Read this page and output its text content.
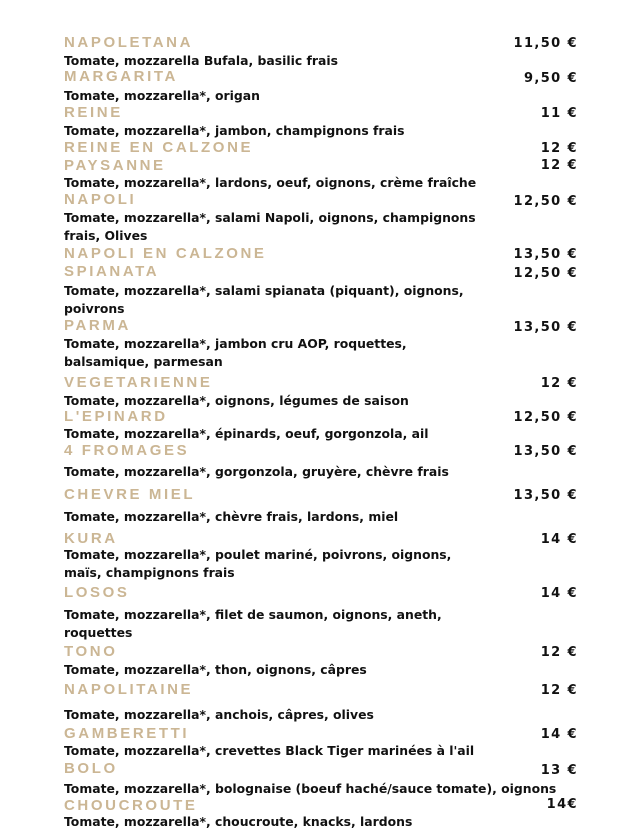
NAPOLETANA	11,50 €
Tomate, mozzarella Bufala, basilic frais
MARGARITA	9,50 €
Tomate, mozzarella*, origan
REINE	11 €
Tomate, mozzarella*, jambon, champignons frais
REINE EN CALZONE	12 €
PAYSANNE	12 €
Tomate, mozzarella*, lardons, oeuf, oignons, crème fraîche
NAPOLI	12,50 €
Tomate, mozzarella*, salami Napoli, oignons, champignons
frais, Olives
NAPOLI EN CALZONE	13,50 €
SPIANATA	12,50 €
Tomate, mozzarella*, salami spianata (piquant), oignons,
poivrons
PARMA	13,50 €
Tomate, mozzarella*, jambon cru AOP, roquettes,
balsamique, parmesan
VEGETARIENNE	12 €
Tomate, mozzarella*, oignons, légumes de saison
L'EPINARD	12,50 €
Tomate, mozzarella*, épinards, oeuf, gorgonzola, ail
4 FROMAGES	13,50 €
Tomate, mozzarella*, gorgonzola, gruyère, chèvre frais
CHEVRE MIEL	13,50 €
Tomate, mozzarella*, chèvre frais, lardons, miel
KURA	14 €
Tomate, mozzarella*, poulet mariné, poivrons, oignons,
maïs, champignons frais
LOSOS	14 €
Tomate, mozzarella*, filet de saumon, oignons, aneth,
roquettes
TONO	12 €
Tomate, mozzarella*, thon, oignons, câpres
NAPOLITAINE	12 €
Tomate, mozzarella*, anchois, câpres, olives
GAMBERETTI	14 €
Tomate, mozzarella*, crevettes Black Tiger marinées à l'ail
BOLO	13 €
Tomate, mozzarella*, bolognaise (boeuf haché/sauce tomate), oignons
CHOUCROUTE	14€
Tomate, mozzarella*, choucroute, knacks, lardons
